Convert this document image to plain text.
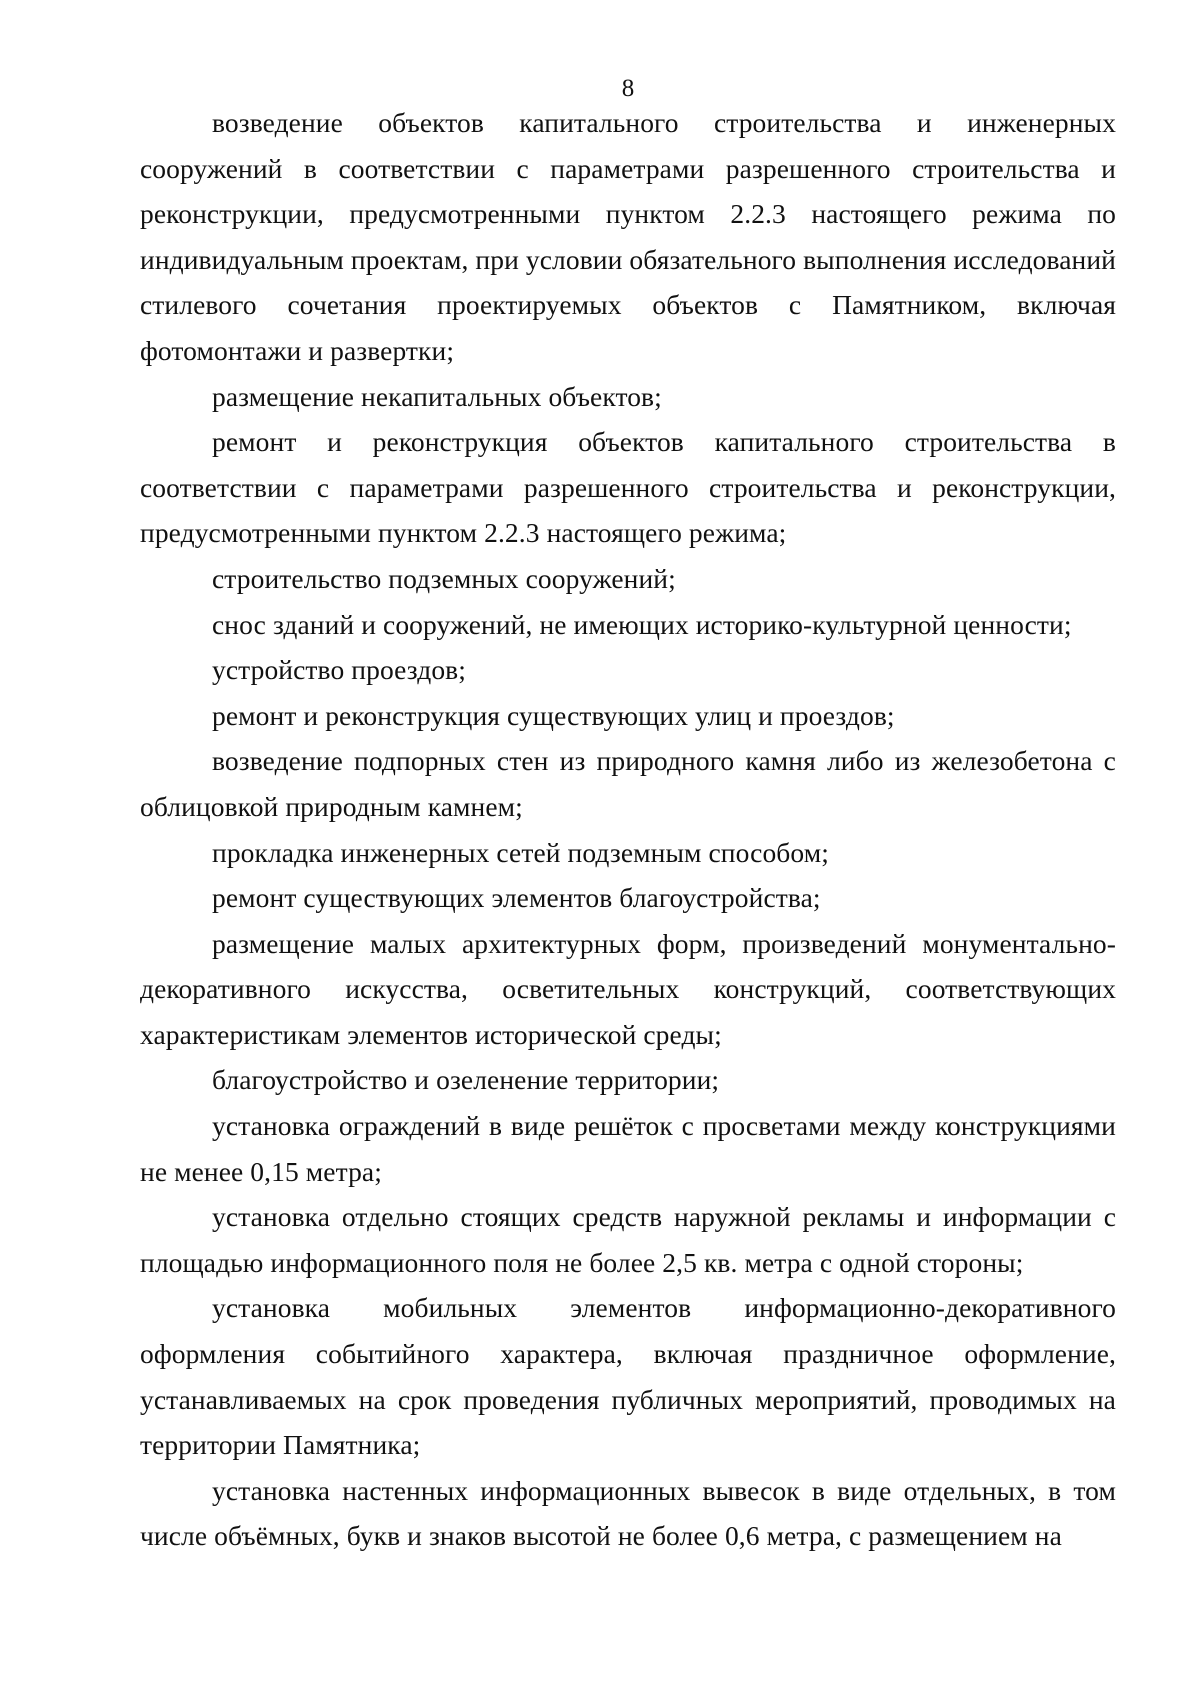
8

возведение объектов капитального строительства и инженерных сооружений в соответствии с параметрами разрешенного строительства и реконструкции, предусмотренными пунктом 2.2.3 настоящего режима по индивидуальным проектам, при условии обязательного выполнения исследований стилевого сочетания проектируемых объектов с Памятником, включая фотомонтажи и развертки;

размещение некапитальных объектов;

ремонт и реконструкция объектов капитального строительства в соответствии с параметрами разрешенного строительства и реконструкции, предусмотренными пунктом 2.2.3 настоящего режима;

строительство подземных сооружений;

снос зданий и сооружений, не имеющих историко-культурной ценности;

устройство проездов;

ремонт и реконструкция существующих улиц и проездов;

возведение подпорных стен из природного камня либо из железобетона с облицовкой природным камнем;

прокладка инженерных сетей подземным способом;

ремонт существующих элементов благоустройства;

размещение малых архитектурных форм, произведений монументально-декоративного искусства, осветительных конструкций, соответствующих характеристикам элементов исторической среды;

благоустройство и озеленение территории;

установка ограждений в виде решёток с просветами между конструкциями не менее 0,15 метра;

установка отдельно стоящих средств наружной рекламы и информации с площадью информационного поля не более 2,5 кв. метра с одной стороны;

установка мобильных элементов информационно-декоративного оформления событийного характера, включая праздничное оформление, устанавливаемых на срок проведения публичных мероприятий, проводимых на территории Памятника;

установка настенных информационных вывесок в виде отдельных, в том числе объёмных, букв и знаков высотой не более 0,6 метра, с размещением на
